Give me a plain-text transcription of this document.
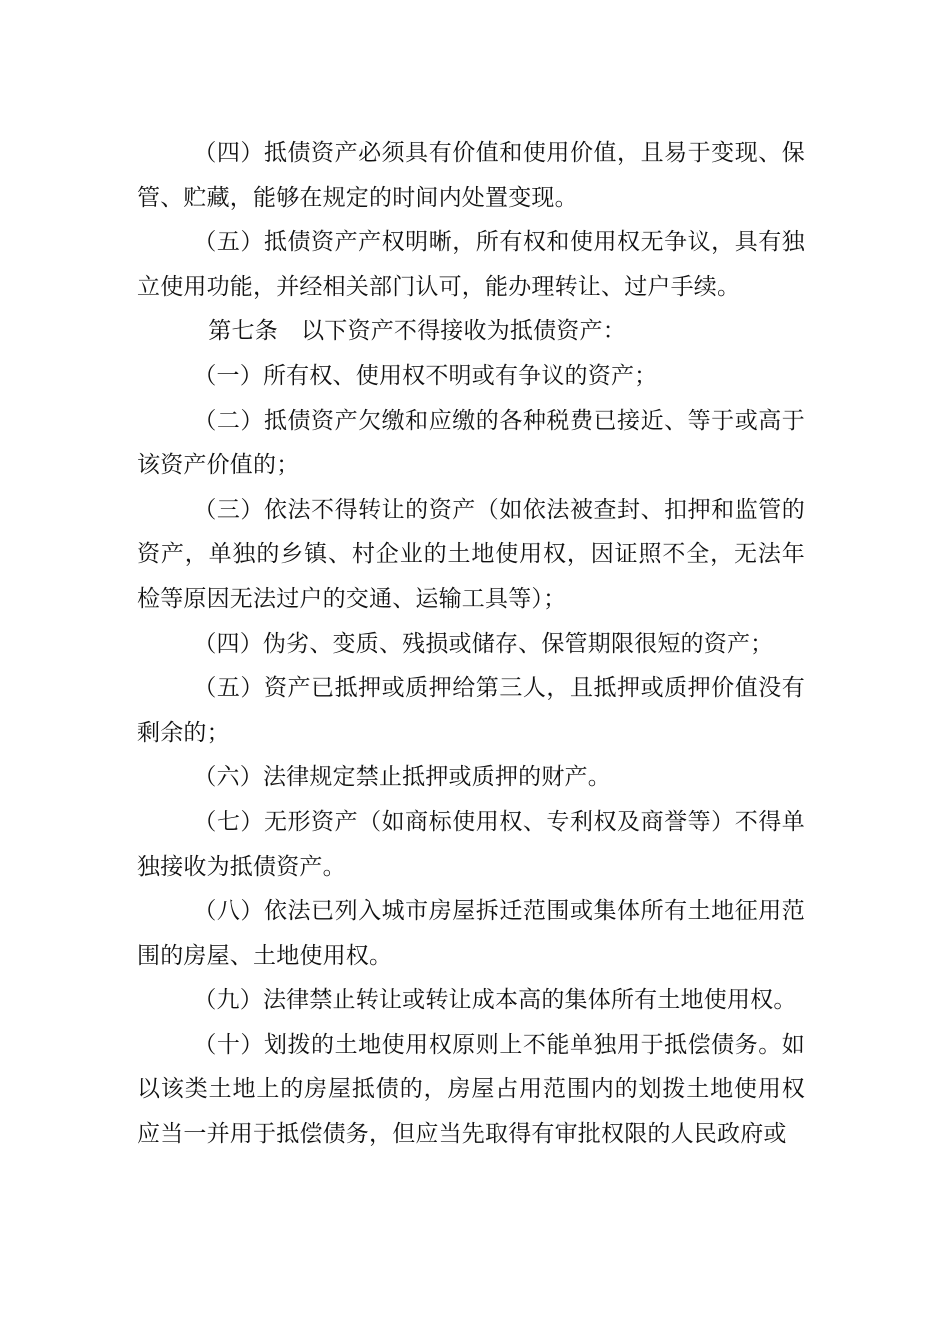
（四）抵债资产必须具有价值和使用价值，且易于变现、保管、贮藏，能够在规定的时间内处置变现。

（五）抵债资产产权明晰，所有权和使用权无争议，具有独立使用功能，并经相关部门认可，能办理转让、过户手续。

第七条　以下资产不得接收为抵债资产：

（一）所有权、使用权不明或有争议的资产；

（二）抵债资产欠缴和应缴的各种税费已接近、等于或高于该资产价值的；

（三）依法不得转让的资产（如依法被查封、扣押和监管的资产，单独的乡镇、村企业的土地使用权，因证照不全，无法年检等原因无法过户的交通、运输工具等）；

（四）伪劣、变质、残损或储存、保管期限很短的资产；

（五）资产已抵押或质押给第三人，且抵押或质押价值没有剩余的；

（六）法律规定禁止抵押或质押的财产。

（七）无形资产（如商标使用权、专利权及商誉等）不得单独接收为抵债资产。

（八）依法已列入城市房屋拆迁范围或集体所有土地征用范围的房屋、土地使用权。

（九）法律禁止转让或转让成本高的集体所有土地使用权。

（十）划拨的土地使用权原则上不能单独用于抵偿债务。如以该类土地上的房屋抵债的，房屋占用范围内的划拨土地使用权应当一并用于抵偿债务，但应当先取得有审批权限的人民政府或
